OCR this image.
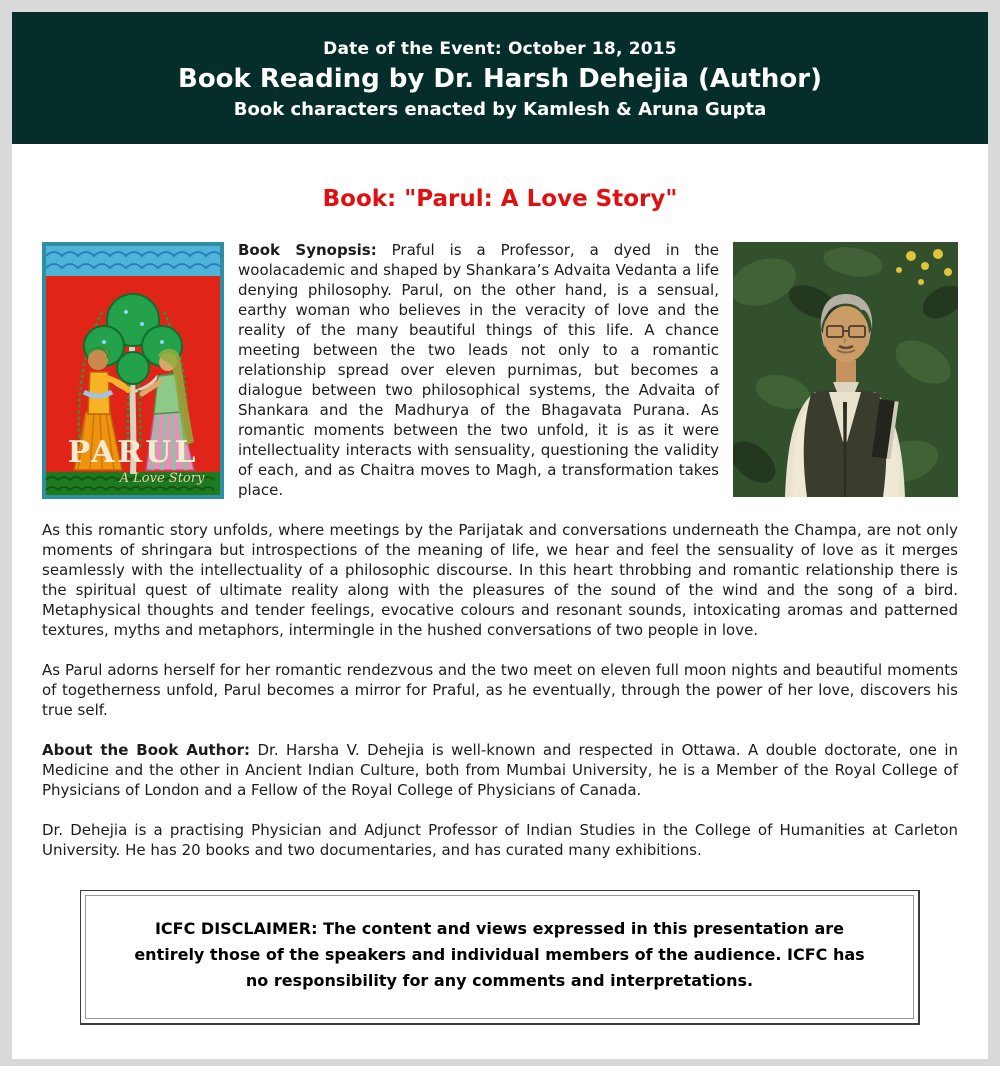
Date of the Event: October 18, 2015
Book Reading by Dr. Harsh Dehejia (Author)
Book characters enacted by Kamlesh & Aruna Gupta
Book: "Parul: A Love Story"
PARUL
A Love Story

Book Synopsis: Praful is a Professor, a dyed in the woolacademic and shaped by Shankara’s Advaita Vedanta a life denying philosophy. Parul, on the other hand, is a sensual, earthy woman who believes in the veracity of love and the reality of the many beautiful things of this life. A chance meeting between the two leads not only to a romantic relationship spread over eleven purnimas, but becomes a dialogue between two philosophical systems, the Advaita of Shankara and the Madhurya of the Bhagavata Purana. As romantic moments between the two unfold, it is as it were intellectuality interacts with sensuality, questioning the validity of each, and as Chaitra moves to Magh, a transformation takes place.

As this romantic story unfolds, where meetings by the Parijatak and conversations underneath the Champa, are not only moments of shringara but introspections of the meaning of life, we hear and feel the sensuality of love as it merges seamlessly with the intellectuality of a philosophic discourse. In this heart throbbing and romantic relationship there is the spiritual quest of ultimate reality along with the pleasures of the sound of the wind and the song of a bird. Metaphysical thoughts and tender feelings, evocative colours and resonant sounds, intoxicating aromas and patterned textures, myths and metaphors, intermingle in the hushed conversations of two people in love.

As Parul adorns herself for her romantic rendezvous and the two meet on eleven full moon nights and beautiful moments of togetherness unfold, Parul becomes a mirror for Praful, as he eventually, through the power of her love, discovers his true self.

About the Book Author: Dr. Harsha V. Dehejia is well-known and respected in Ottawa. A double doctorate, one in Medicine and the other in Ancient Indian Culture, both from Mumbai University, he is a Member of the Royal College of Physicians of London and a Fellow of the Royal College of Physicians of Canada.

Dr. Dehejia is a practising Physician and Adjunct Professor of Indian Studies in the College of Humanities at Carleton University. He has 20 books and two documentaries, and has curated many exhibitions.

ICFC DISCLAIMER: The content and views expressed in this presentation are entirely those of the speakers and individual members of the audience. ICFC has no responsibility for any comments and interpretations.
